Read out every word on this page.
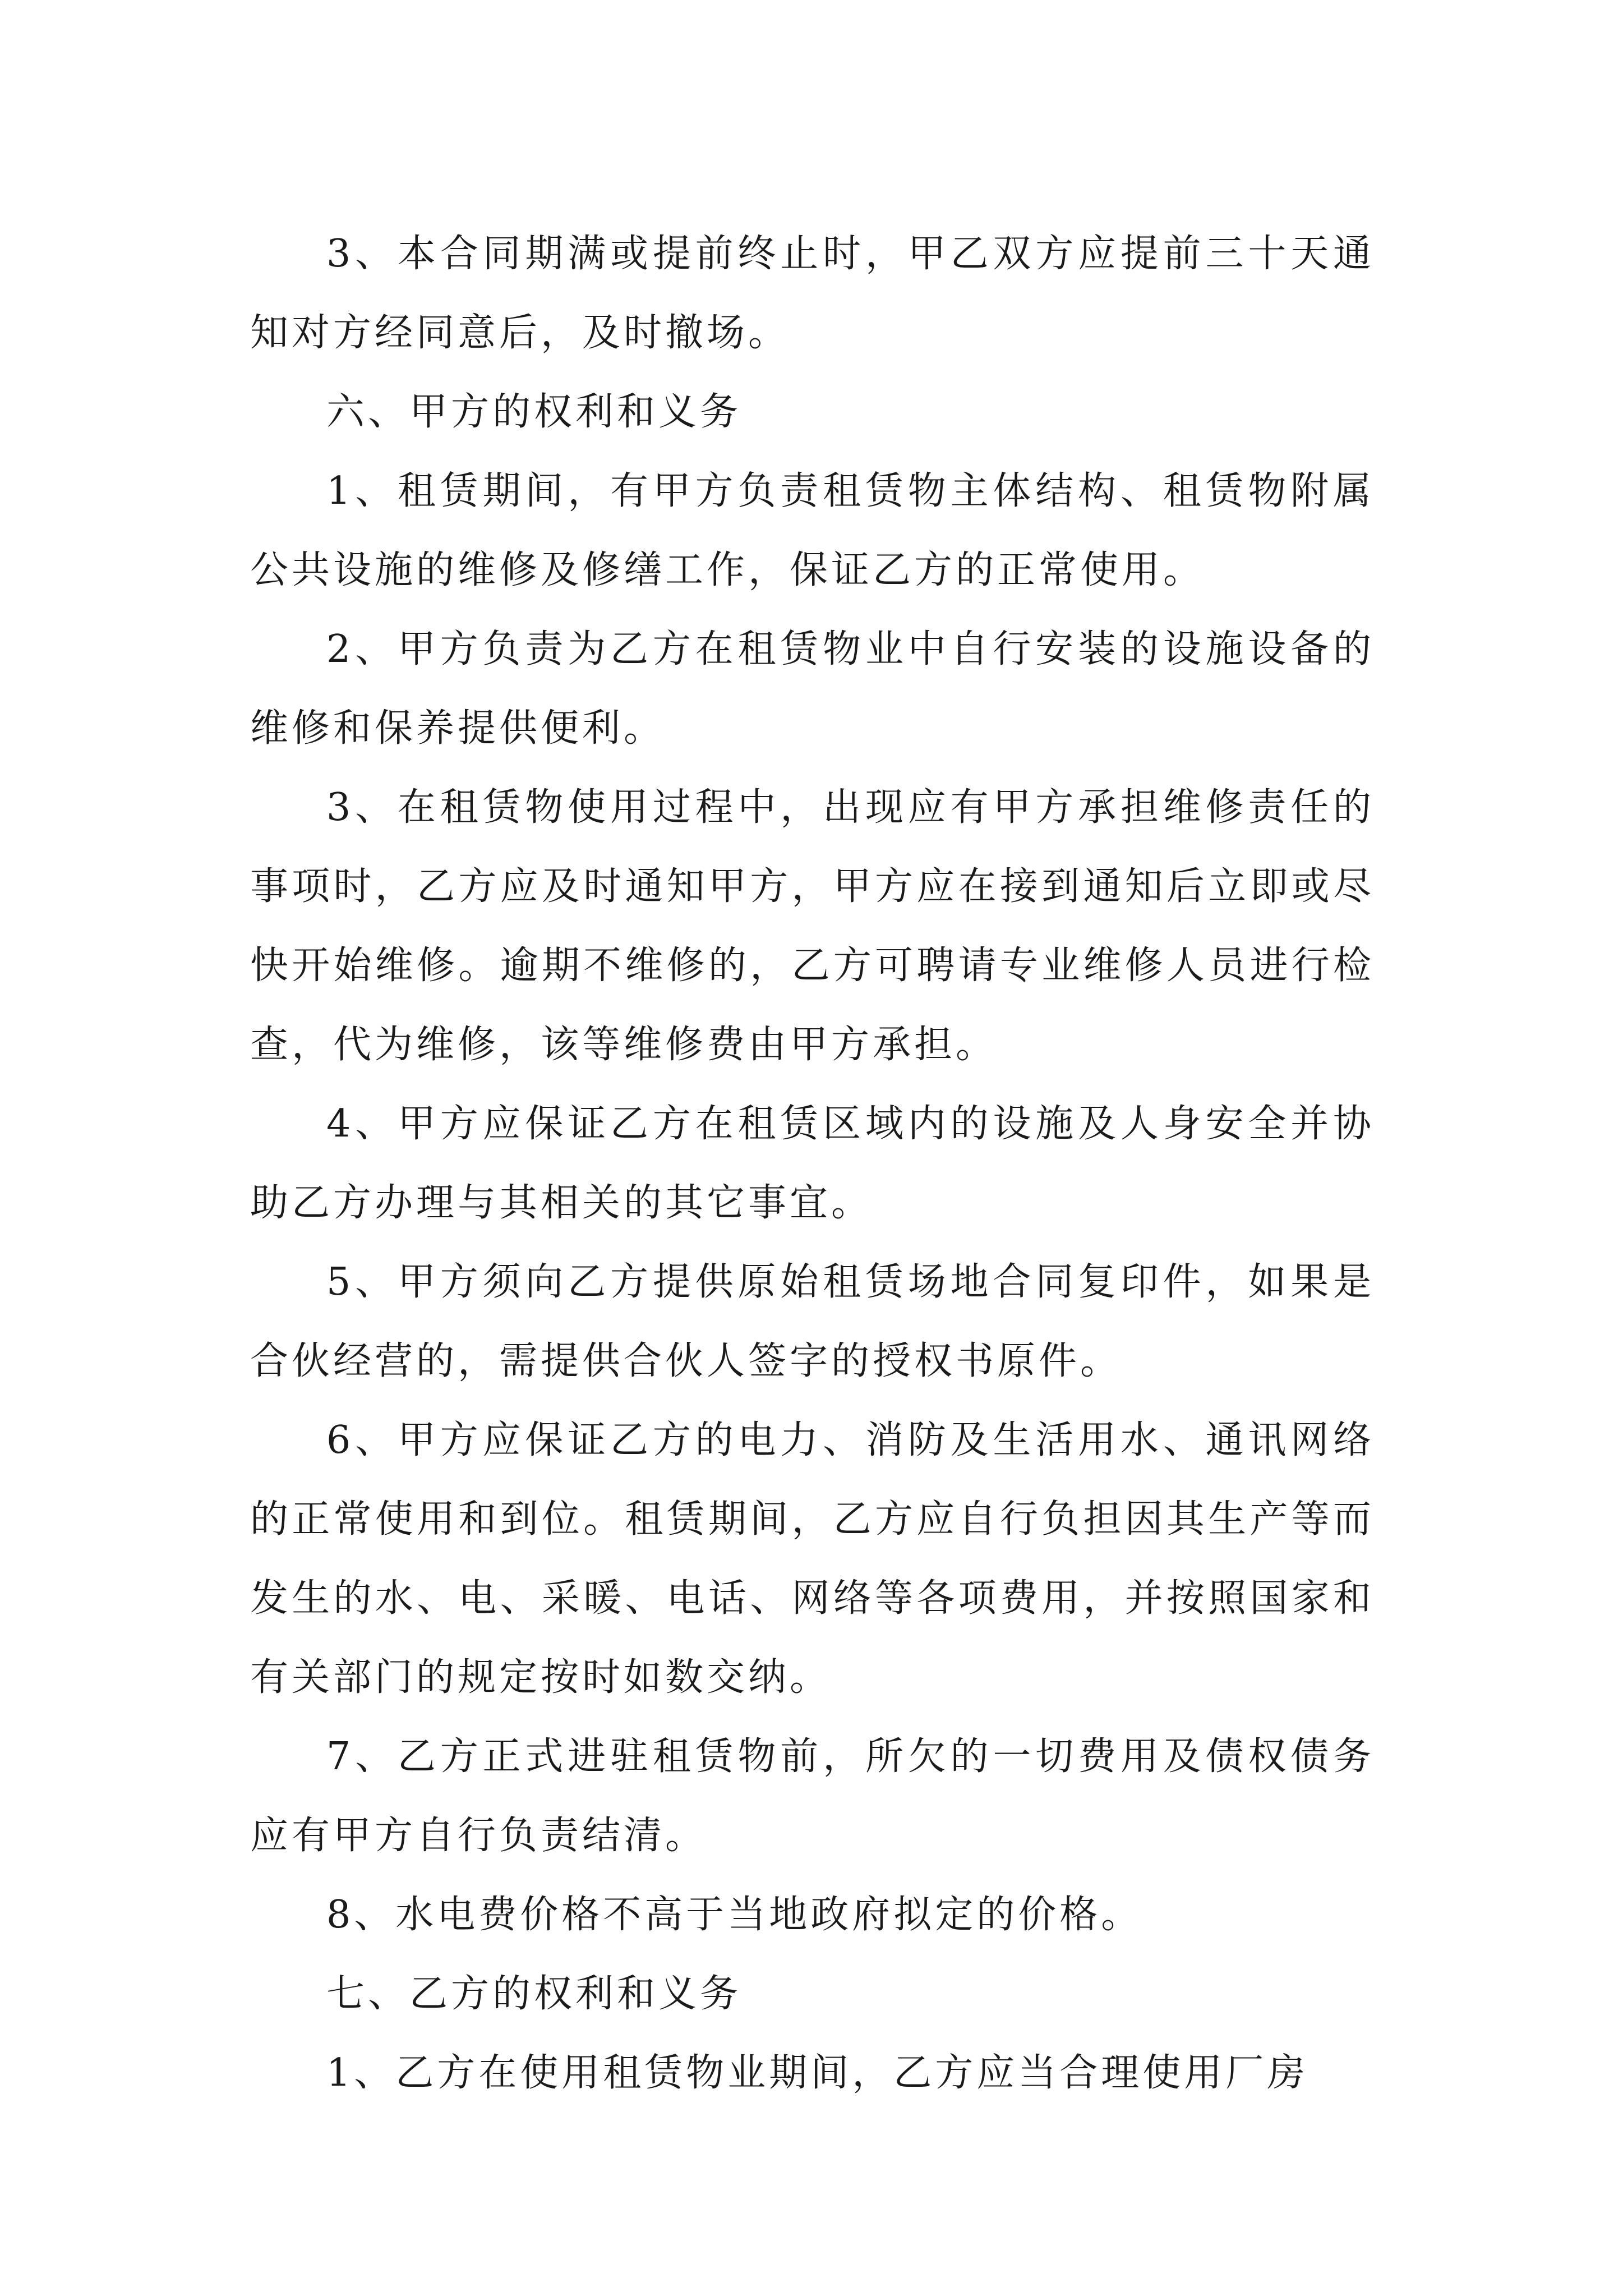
3、本合同期满或提前终止时，甲乙双方应提前三十天通知对方经同意后，及时撤场。

六、甲方的权利和义务

1、租赁期间，有甲方负责租赁物主体结构、租赁物附属公共设施的维修及修缮工作，保证乙方的正常使用。

2、甲方负责为乙方在租赁物业中自行安装的设施设备的维修和保养提供便利。

3、在租赁物使用过程中，出现应有甲方承担维修责任的事项时，乙方应及时通知甲方，甲方应在接到通知后立即或尽快开始维修。逾期不维修的，乙方可聘请专业维修人员进行检查，代为维修，该等维修费由甲方承担。

4、甲方应保证乙方在租赁区域内的设施及人身安全并协助乙方办理与其相关的其它事宜。

5、甲方须向乙方提供原始租赁场地合同复印件，如果是合伙经营的，需提供合伙人签字的授权书原件。

6、甲方应保证乙方的电力、消防及生活用水、通讯网络的正常使用和到位。租赁期间，乙方应自行负担因其生产等而发生的水、电、采暖、电话、网络等各项费用，并按照国家和有关部门的规定按时如数交纳。

7、乙方正式进驻租赁物前，所欠的一切费用及债权债务应有甲方自行负责结清。

8、水电费价格不高于当地政府拟定的价格。

七、乙方的权利和义务

1、乙方在使用租赁物业期间，乙方应当合理使用厂房
